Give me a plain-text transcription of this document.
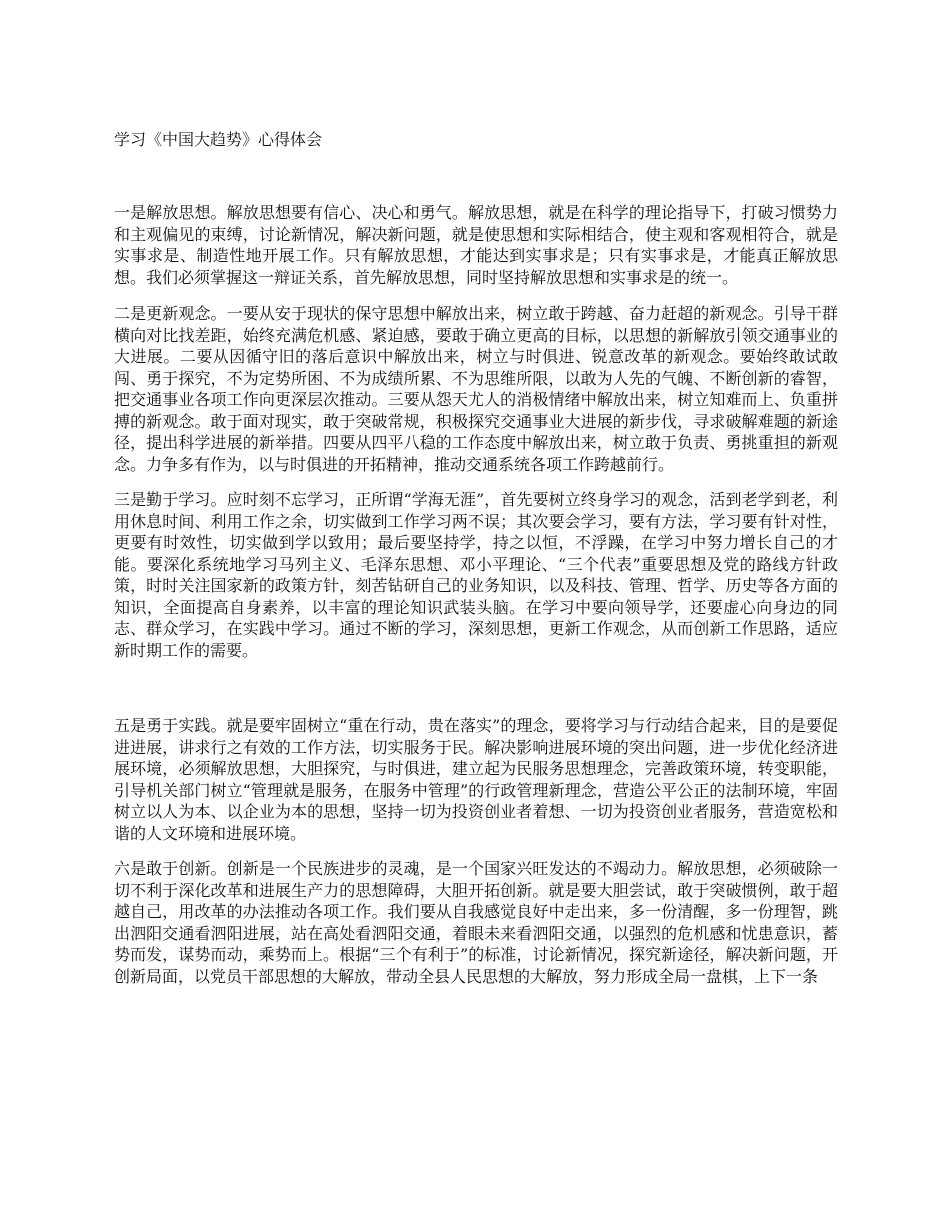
学习《中国大趋势》心得体会

一是解放思想。解放思想要有信心、决心和勇气。解放思想，就是在科学的理论指导下，打破习惯势力和主观偏见的束缚，讨论新情况，解决新问题，就是使思想和实际相结合，使主观和客观相符合，就是实事求是、制造性地开展工作。只有解放思想，才能达到实事求是；只有实事求是，才能真正解放思想。我们必须掌握这一辩证关系，首先解放思想，同时坚持解放思想和实事求是的统一。

二是更新观念。一要从安于现状的保守思想中解放出来，树立敢于跨越、奋力赶超的新观念。引导干群横向对比找差距，始终充满危机感、紧迫感，要敢于确立更高的目标，以思想的新解放引领交通事业的大进展。二要从因循守旧的落后意识中解放出来，树立与时俱进、锐意改革的新观念。要始终敢试敢闯、勇于探究，不为定势所困、不为成绩所累、不为思维所限，以敢为人先的气魄、不断创新的睿智，把交通事业各项工作向更深层次推动。三要从怨天尤人的消极情绪中解放出来，树立知难而上、负重拼搏的新观念。敢于面对现实，敢于突破常规，积极探究交通事业大进展的新步伐，寻求破解难题的新途径，提出科学进展的新举措。四要从四平八稳的工作态度中解放出来，树立敢于负责、勇挑重担的新观念。力争多有作为，以与时俱进的开拓精神，推动交通系统各项工作跨越前行。

三是勤于学习。应时刻不忘学习，正所谓“学海无涯”，首先要树立终身学习的观念，活到老学到老，利用休息时间、利用工作之余，切实做到工作学习两不误；其次要会学习，要有方法，学习要有针对性，更要有时效性，切实做到学以致用；最后要坚持学，持之以恒，不浮躁，在学习中努力增长自己的才能。要深化系统地学习马列主义、毛泽东思想、邓小平理论、“三个代表”重要思想及党的路线方针政策，时时关注国家新的政策方针，刻苦钻研自己的业务知识，以及科技、管理、哲学、历史等各方面的知识，全面提高自身素养，以丰富的理论知识武装头脑。在学习中要向领导学，还要虚心向身边的同志、群众学习，在实践中学习。通过不断的学习，深刻思想，更新工作观念，从而创新工作思路，适应新时期工作的需要。

五是勇于实践。就是要牢固树立“重在行动，贵在落实”的理念，要将学习与行动结合起来，目的是要促进进展，讲求行之有效的工作方法，切实服务于民。解决影响进展环境的突出问题，进一步优化经济进展环境，必须解放思想，大胆探究，与时俱进，建立起为民服务思想理念，完善政策环境，转变职能，引导机关部门树立“管理就是服务，在服务中管理”的行政管理新理念，营造公平公正的法制环境，牢固树立以人为本、以企业为本的思想，坚持一切为投资创业者着想、一切为投资创业者服务，营造宽松和谐的人文环境和进展环境。

六是敢于创新。创新是一个民族进步的灵魂，是一个国家兴旺发达的不竭动力。解放思想，必须破除一切不利于深化改革和进展生产力的思想障碍，大胆开拓创新。就是要大胆尝试，敢于突破惯例，敢于超越自己，用改革的办法推动各项工作。我们要从自我感觉良好中走出来，多一份清醒，多一份理智，跳出泗阳交通看泗阳进展，站在高处看泗阳交通，着眼未来看泗阳交通，以强烈的危机感和忧患意识，蓄势而发，谋势而动，乘势而上。根据“三个有利于”的标准，讨论新情况，探究新途径，解决新问题，开创新局面，以党员干部思想的大解放，带动全县人民思想的大解放，努力形成全局一盘棋，上下一条
